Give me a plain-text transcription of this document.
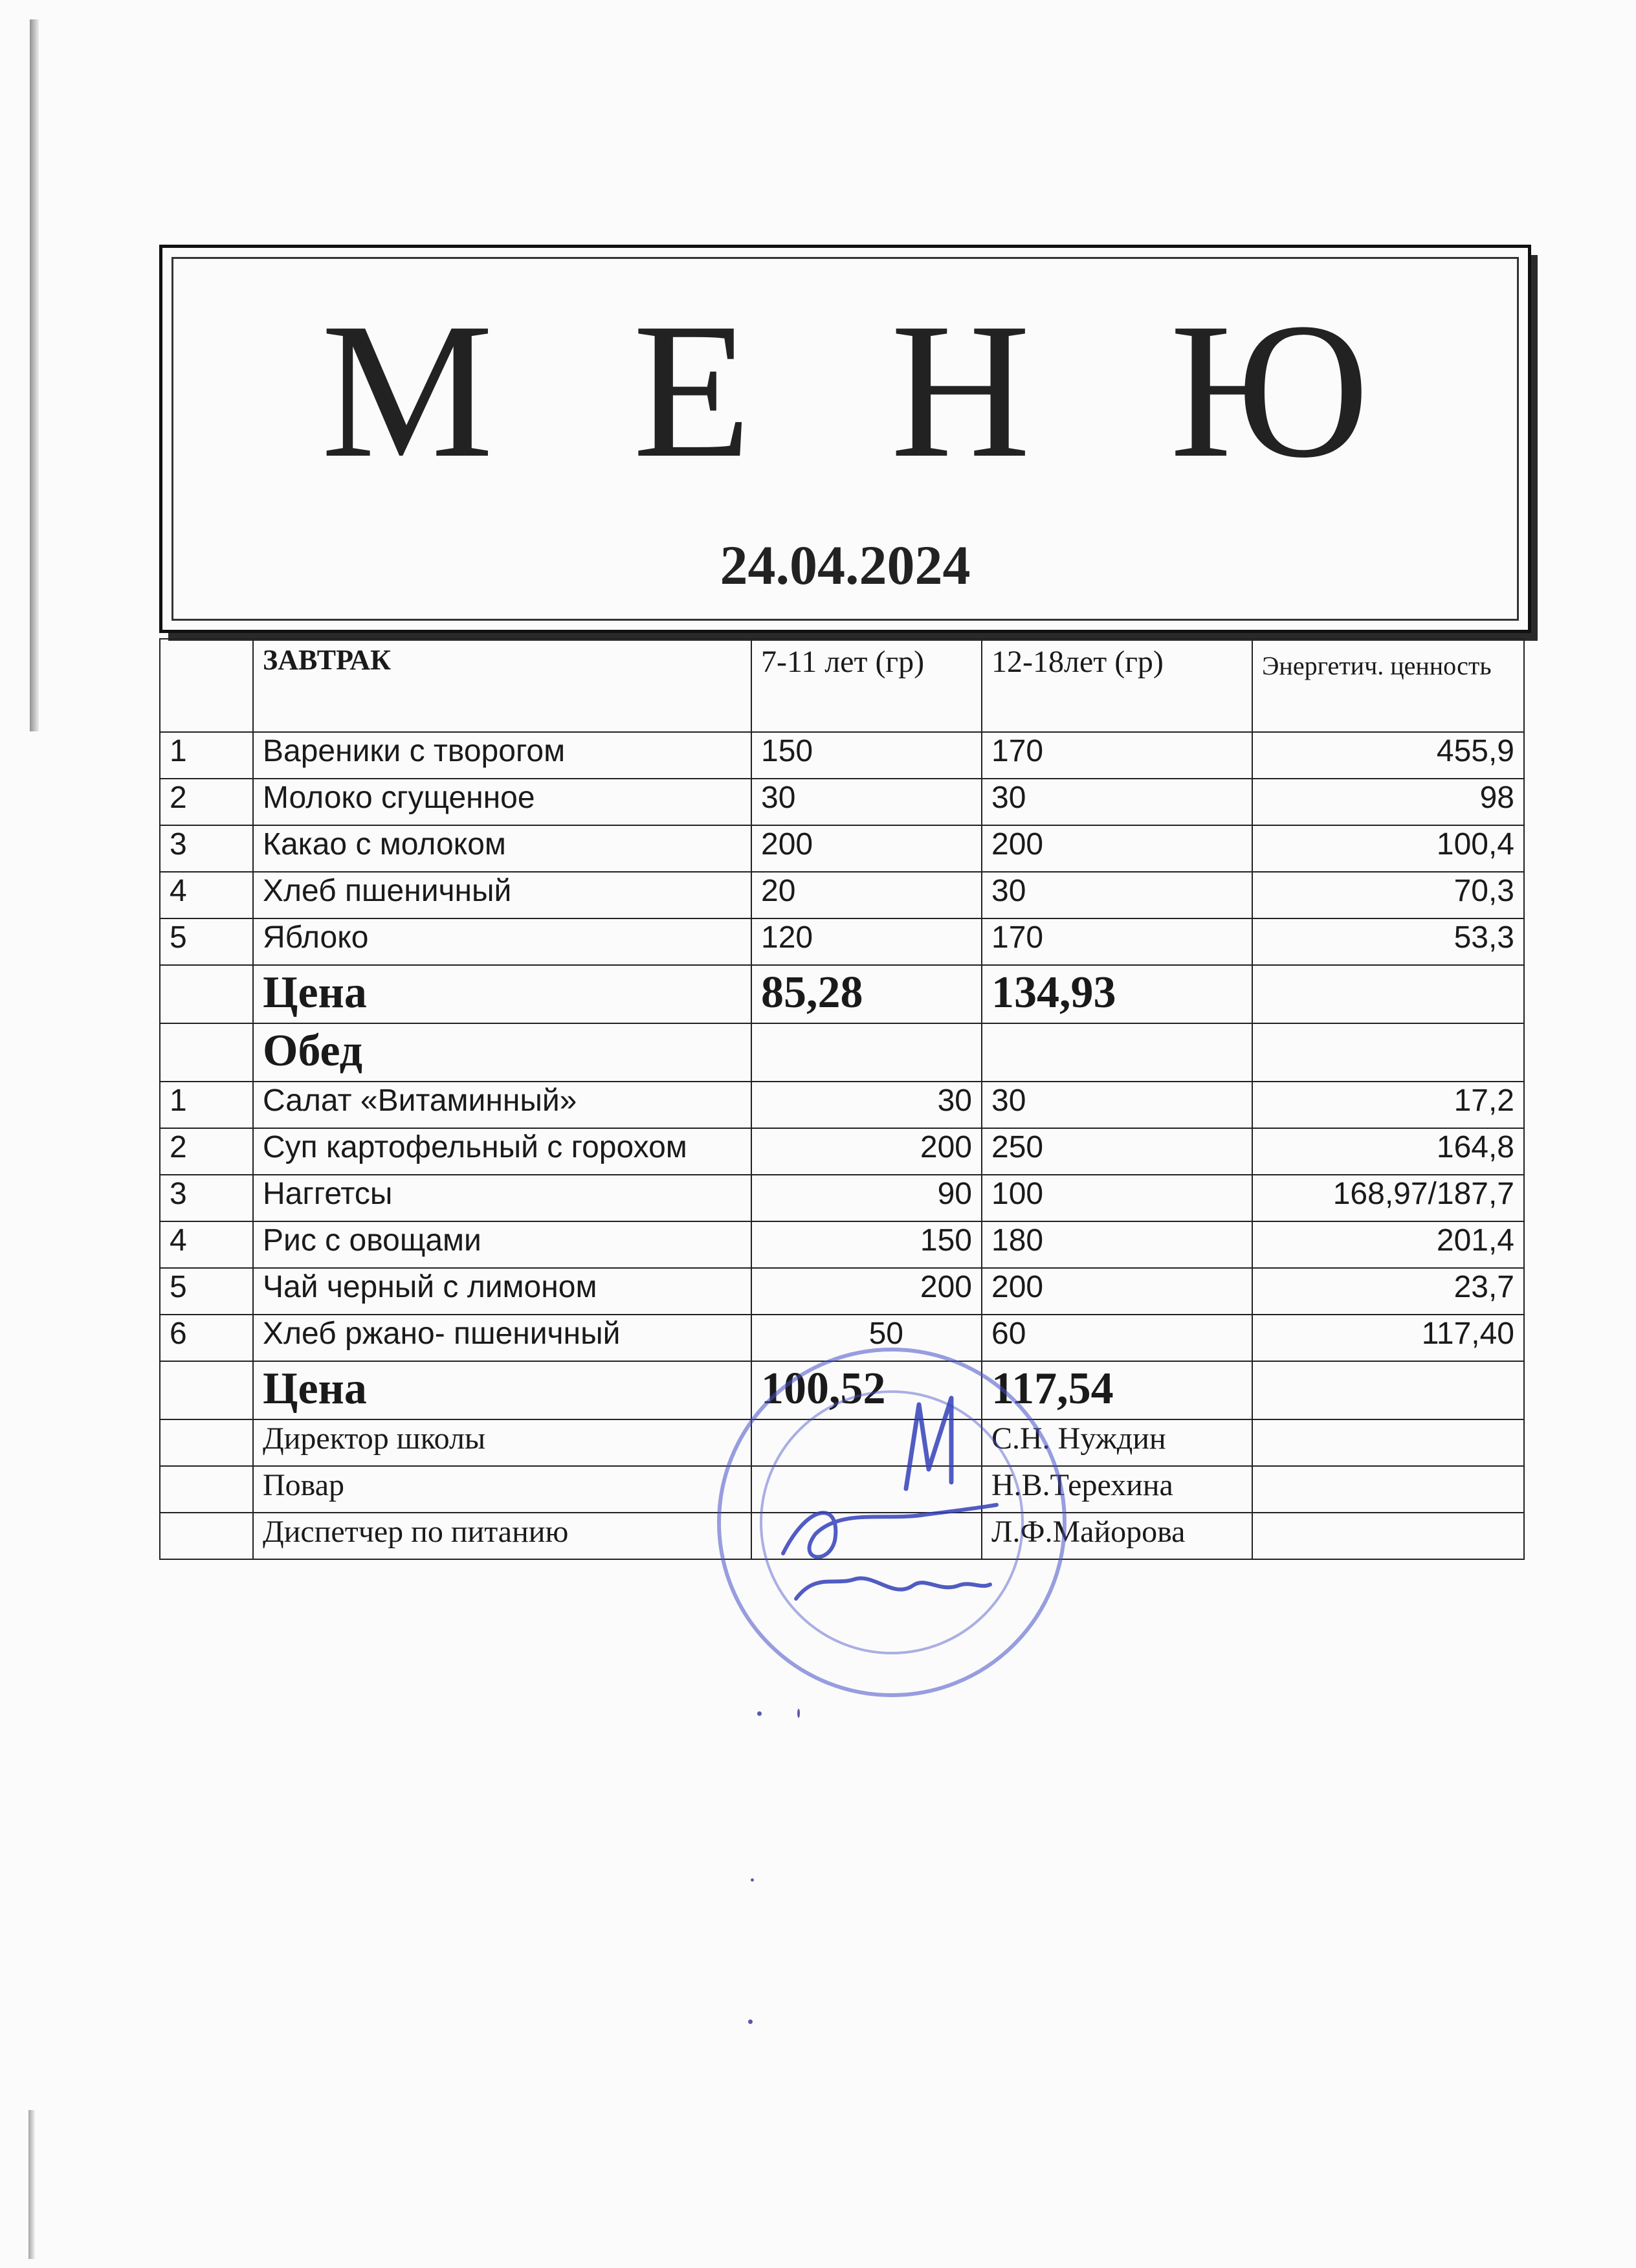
М Е Н Ю
24.04.2024
	ЗАВТРАК	7-11 лет (гр)	12-18лет (гр)	Энергетич. ценность
1	Вареники с творогом	150	170	455,9
2	Молоко сгущенное	30	30	98
3	Какао с молоком	200	200	100,4
4	Хлеб пшеничный	20	30	70,3
5	Яблоко	120	170	53,3
	Цена	85,28	134,93	
	Обед			
1	Салат «Витаминный»	30	30	17,2
2	Суп картофельный с горохом	200	250	164,8
3	Наггетсы	90	100	168,97/187,7
4	Рис с овощами	150	180	201,4
5	Чай черный с лимоном	200	200	23,7
6	Хлеб ржано- пшеничный	50	60	117,40
	Цена	100,52	117,54	
	Директор школы		С.Н. Нуждин	
	Повар		Н.В.Терехина	
	Диспетчер по питанию		Л.Ф.Майорова	
